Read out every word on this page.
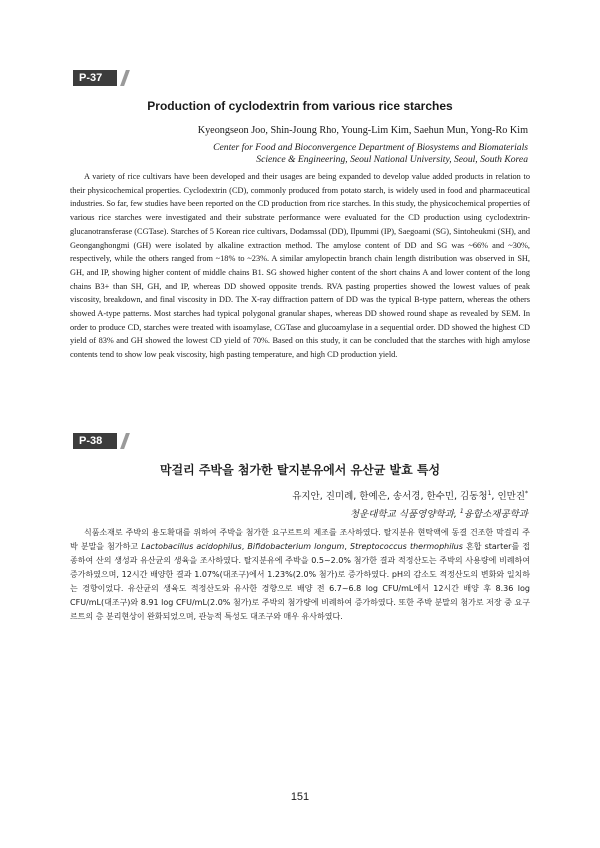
P-37
Production of cyclodextrin from various rice starches
Kyeongseon Joo, Shin-Joung Rho, Young-Lim Kim, Saehun Mun, Yong-Ro Kim
Center for Food and Bioconvergence Department of Biosystems and Biomaterials
Science & Engineering, Seoul National University, Seoul, South Korea

A variety of rice cultivars have been developed and their usages are being expanded to develop value added products in relation to their physicochemical properties. Cyclodextrin (CD), commonly produced from potato starch, is widely used in food and pharmaceutical industries. So far, few studies have been reported on the CD production from rice starches. In this study, the physicochemical properties of various rice starches were investigated and their substrate performance were evaluated for the CD production using cyclodextrin-glucanotransferase (CGTase). Starches of 5 Korean rice cultivars, Dodamssal (DD), Ilpummi (IP), Saegoami (SG), Sintoheukmi (SH), and Geonganghongmi (GH) were isolated by alkaline extraction method. The amylose content of DD and SG was ~66% and ~30%, respectively, while the others ranged from ~18% to ~23%. A similar amylopectin branch chain length distribution was observed in SH, GH, and IP, showing higher content of middle chains B1. SG showed higher content of the short chains A and lower content of the long chains B3+ than SH, GH, and IP, whereas DD showed opposite trends. RVA pasting properties showed the lowest values of peak viscosity, breakdown, and final viscosity in DD. The X-ray diffraction pattern of DD was the typical B-type pattern, whereas the others showed A-type patterns. Most starches had typical polygonal granular shapes, whereas DD showed round shape as revealed by SEM. In order to produce CD, starches were treated with isoamylase, CGTase and glucoamylase in a sequential order. DD showed the highest CD yield of 83% and GH showed the lowest CD yield of 70%. Based on this study, it can be concluded that the starches with high amylose contents tend to show low peak viscosity, high pasting temperature, and high CD production yield.

P-38
막걸리 주박을 첨가한 탈지분유에서 유산균 발효 특성
유지안, 진미례, 한예은, 송서경, 한수민, 김동청$^1$, 인만진*
청운대학교 식품영양학과, $^1$융합소재공학과

식품소재로 주박의 용도확대를 위하여 주박을 첨가한 요구르트의 제조를 조사하였다. 탈지분유 현탁액에 동결 건조한 막걸리 주박 분말을 첨가하고 Lactobacillus acidophilus, Bifidobacterium longum, Streptococcus thermophilus 혼합 starter를 접종하여 산의 생성과 유산균의 생육을 조사하였다. 탈지분유에 주박을 0.5~2.0% 첨가한 결과 적정산도는 주박의 사용량에 비례하여 증가하였으며, 12시간 배양한 결과 1.07%(대조구)에서 1.23%(2.0% 첨가)로 증가하였다. pH의 감소도 적정산도의 변화와 일치하는 경향이었다. 유산균의 생육도 적정산도와 유사한 경향으로 배양 전 6.7~6.8 log CFU/mL에서 12시간 배양 후 8.36 log CFU/mL(대조구)와 8.91 log CFU/mL(2.0% 첨가)로 주박의 첨가량에 비례하여 증가하였다. 또한 주박 분말의 첨가로 저장 중 요구르트의 층 분리현상이 완화되었으며, 관능적 특성도 대조구와 매우 유사하였다.

151
